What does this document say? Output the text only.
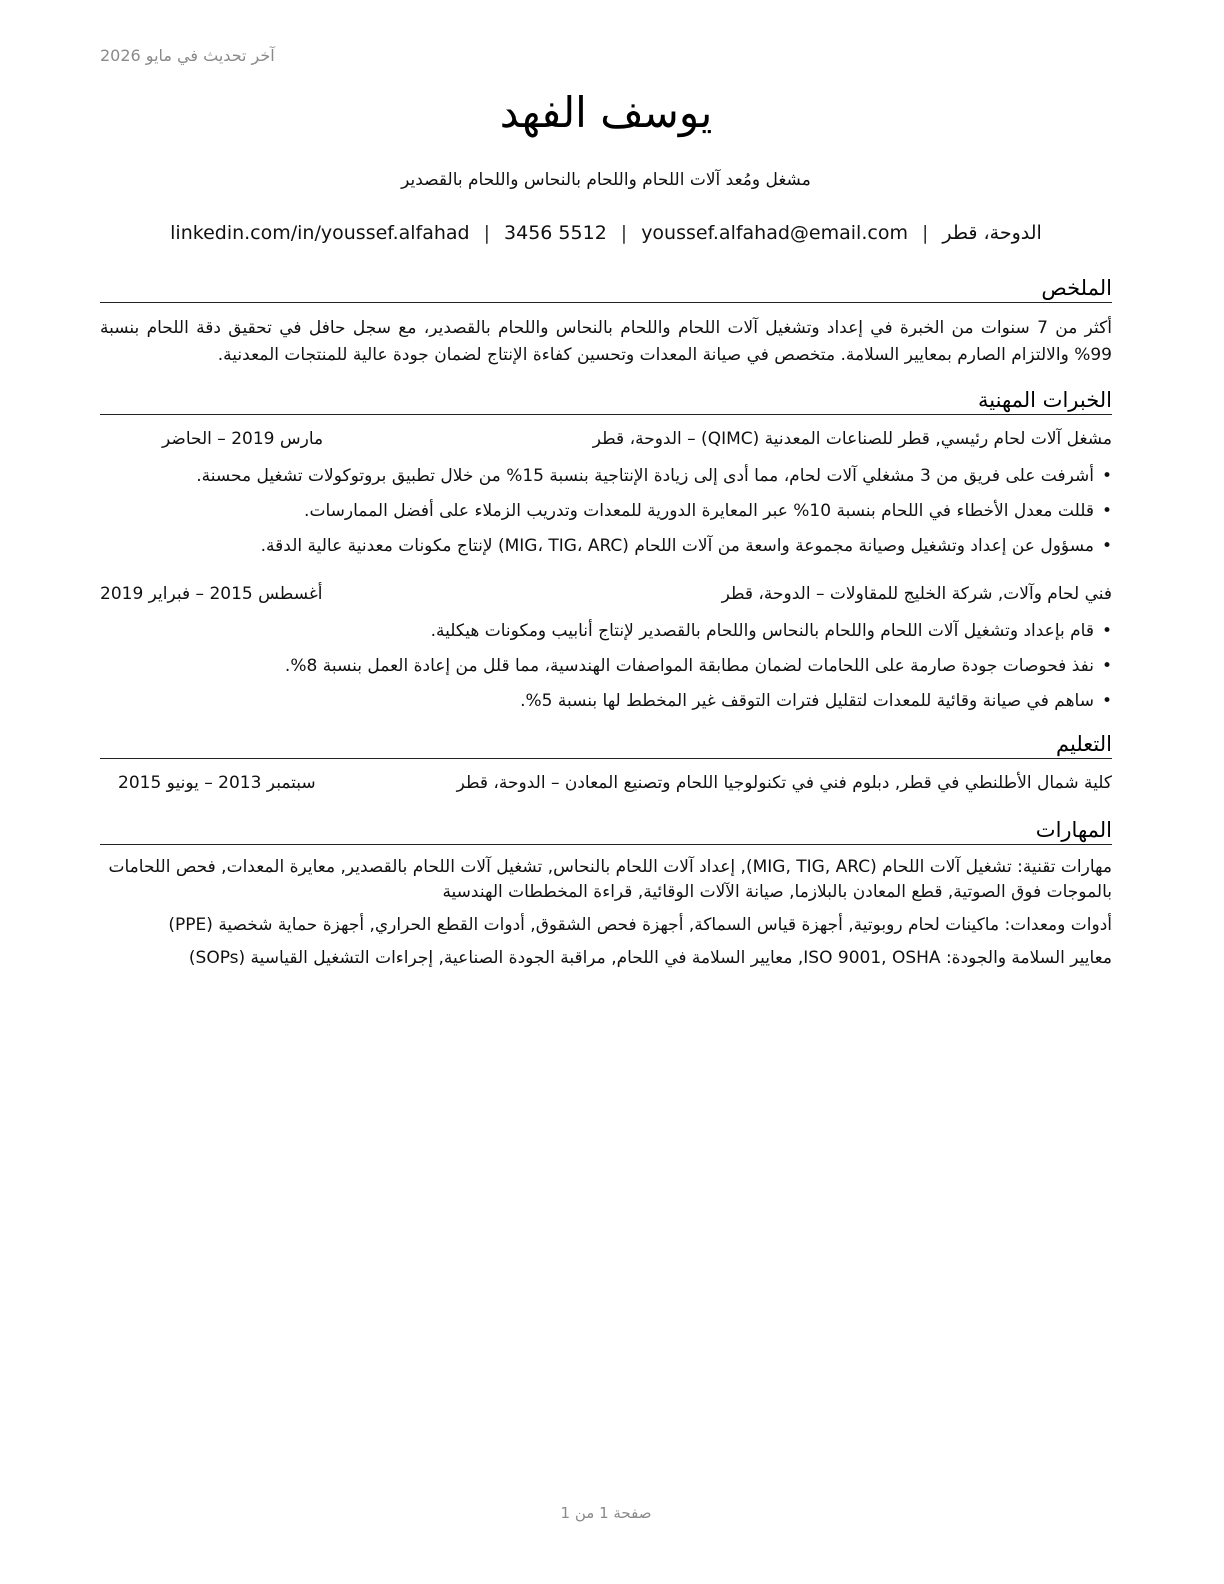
آخر تحديث في مايو 2026
يوسف الفهد
مشغل ومُعد آلات اللحام واللحام بالنحاس واللحام بالقصدير
الدوحة، قطر|youssef.alfahad@email.com|3456 5512|linkedin.com/in/youssef.alfahad
الملخص
أكثر من 7 سنوات من الخبرة في إعداد وتشغيل آلات اللحام واللحام بالنحاس واللحام بالقصدير، مع سجل حافل في تحقيق دقة اللحام بنسبة 99% والالتزام الصارم بمعايير السلامة. متخصص في صيانة المعدات وتحسين كفاءة الإنتاج لضمان جودة عالية للمنتجات المعدنية.
الخبرات المهنية
مشغل آلات لحام رئيسي, قطر للصناعات المعدنية (QIMC) – الدوحة، قطر
مارس 2019 – الحاضر
• أشرفت على فريق من 3 مشغلي آلات لحام، مما أدى إلى زيادة الإنتاجية بنسبة 15% من خلال تطبيق بروتوكولات تشغيل محسنة.
• قللت معدل الأخطاء في اللحام بنسبة 10% عبر المعايرة الدورية للمعدات وتدريب الزملاء على أفضل الممارسات.
• مسؤول عن إعداد وتشغيل وصيانة مجموعة واسعة من آلات اللحام (MIG، TIG، ARC) لإنتاج مكونات معدنية عالية الدقة.
فني لحام وآلات, شركة الخليج للمقاولات – الدوحة، قطر
أغسطس 2015 – فبراير 2019
• قام بإعداد وتشغيل آلات اللحام واللحام بالنحاس واللحام بالقصدير لإنتاج أنابيب ومكونات هيكلية.
• نفذ فحوصات جودة صارمة على اللحامات لضمان مطابقة المواصفات الهندسية، مما قلل من إعادة العمل بنسبة 8%.
• ساهم في صيانة وقائية للمعدات لتقليل فترات التوقف غير المخطط لها بنسبة 5%.
التعليم
كلية شمال الأطلنطي في قطر, دبلوم فني في تكنولوجيا اللحام وتصنيع المعادن – الدوحة، قطر
سبتمبر 2013 – يونيو 2015
المهارات
مهارات تقنية: تشغيل آلات اللحام (MIG, TIG, ARC), إعداد آلات اللحام بالنحاس, تشغيل آلات اللحام بالقصدير, معايرة المعدات, فحص اللحامات بالموجات فوق الصوتية, قطع المعادن بالبلازما, صيانة الآلات الوقائية, قراءة المخططات الهندسية
أدوات ومعدات: ماكينات لحام روبوتية, أجهزة قياس السماكة, أجهزة فحص الشقوق, أدوات القطع الحراري, أجهزة حماية شخصية (PPE)
معايير السلامة والجودة: ISO 9001, OSHA, معايير السلامة في اللحام, مراقبة الجودة الصناعية, إجراءات التشغيل القياسية (SOPs)
صفحة 1 من 1
